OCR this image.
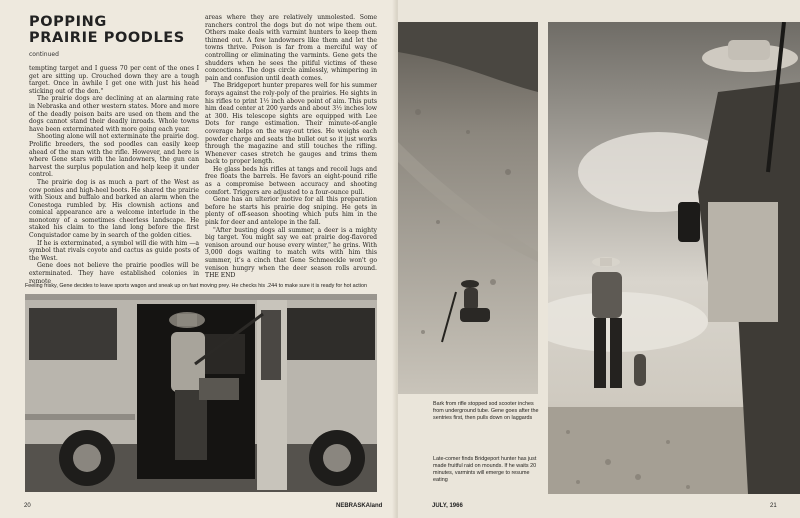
POPPING
PRAIRIE POODLES
continued

tempting target and I guess 70 per cent of the ones I get are sitting up. Crouched down they are a tough target. Once in awhile I get one with just his head sticking out of the den."

The prairie dogs are declining at an alarming rate in Nebraska and other western states. More and more of the deadly poison baits are used on them and the dogs cannot stand their deadly inroads. Whole towns have been exterminated with more going each year.

Shooting alone will not exterminate the prairie dog. Prolific breeders, the sod poodles can easily keep ahead of the man with the rifle. However, and here is where Gene stars with the landowners, the gun can harvest the surplus population and help keep it under control.

The prairie dog is as much a part of the West as cow ponies and high-heel boots. He shared the prairie with Sioux and buffalo and barked an alarm when the Conestoga rumbled by. His clownish actions and comical appearance are a welcome interlude in the monotony of a sometimes cheerless landscape. He staked his claim to the land long before the first Conquistador came by in search of the golden cities.

If he is exterminated, a symbol will die with him —a symbol that rivals coyote and cactus as guide posts of the West.

Gene does not believe the prairie poodles will be exterminated. They have established colonies in remote

areas where they are relatively unmolested. Some ranchers control the dogs but do not wipe them out. Others make deals with varmint hunters to keep them thinned out. A few landowners like them and let the towns thrive. Poison is far from a merciful way of controlling or eliminating the varmints. Gene gets the shudders when he sees the pitiful victims of these concoctions. The dogs circle aimlessly, whimpering in pain and confusion until death comes.

The Bridgeport hunter prepares well for his summer forays against the roly-poly of the prairies. He sights in his rifles to print 1½ inch above point of aim. This puts him dead center at 200 yards and about 3½ inches low at 300. His telescope sights are equipped with Lee Dots for range estimation. Their minute-of-angle coverage helps on the way-out tries. He weighs each powder charge and seats the bullet out so it just works through the magazine and still touches the rifling. Whenever cases stretch he gauges and trims them back to proper length.

He glass beds his rifles at tangs and recoil lugs and free floats the barrels. He favors an eight-pound rifle as a compromise between accuracy and shooting comfort. Triggers are adjusted to a four-ounce pull.

Gene has an ulterior motive for all this preparation before he starts his prairie dog sniping. He gets in plenty of off-season shooting which puts him in the pink for deer and antelope in the fall.

"After busting dogs all summer, a deer is a mighty big target. You might say we eat prairie dog-flavored venison around our house every winter," he grins. With 3,000 dogs waiting to match wits with him this summer, it's a cinch that Gene Schmeeckle won't go venison hungry when the deer season rolls around. THE END

Feeling frisky, Gene decides to leave sports wagon and sneak up on fast moving prey. He checks his .244 to make sure it is ready for hot action
20	NEBRASKAland
Bark from rifle stopped sod scooter inches from underground tube. Gene goes after the sentries first, then pulls down on laggards
Late-comer finds Bridgeport hunter has just made fruitful raid on mounds. If he waits 20 minutes, varmints will emerge to resume eating
JULY, 1966	21
